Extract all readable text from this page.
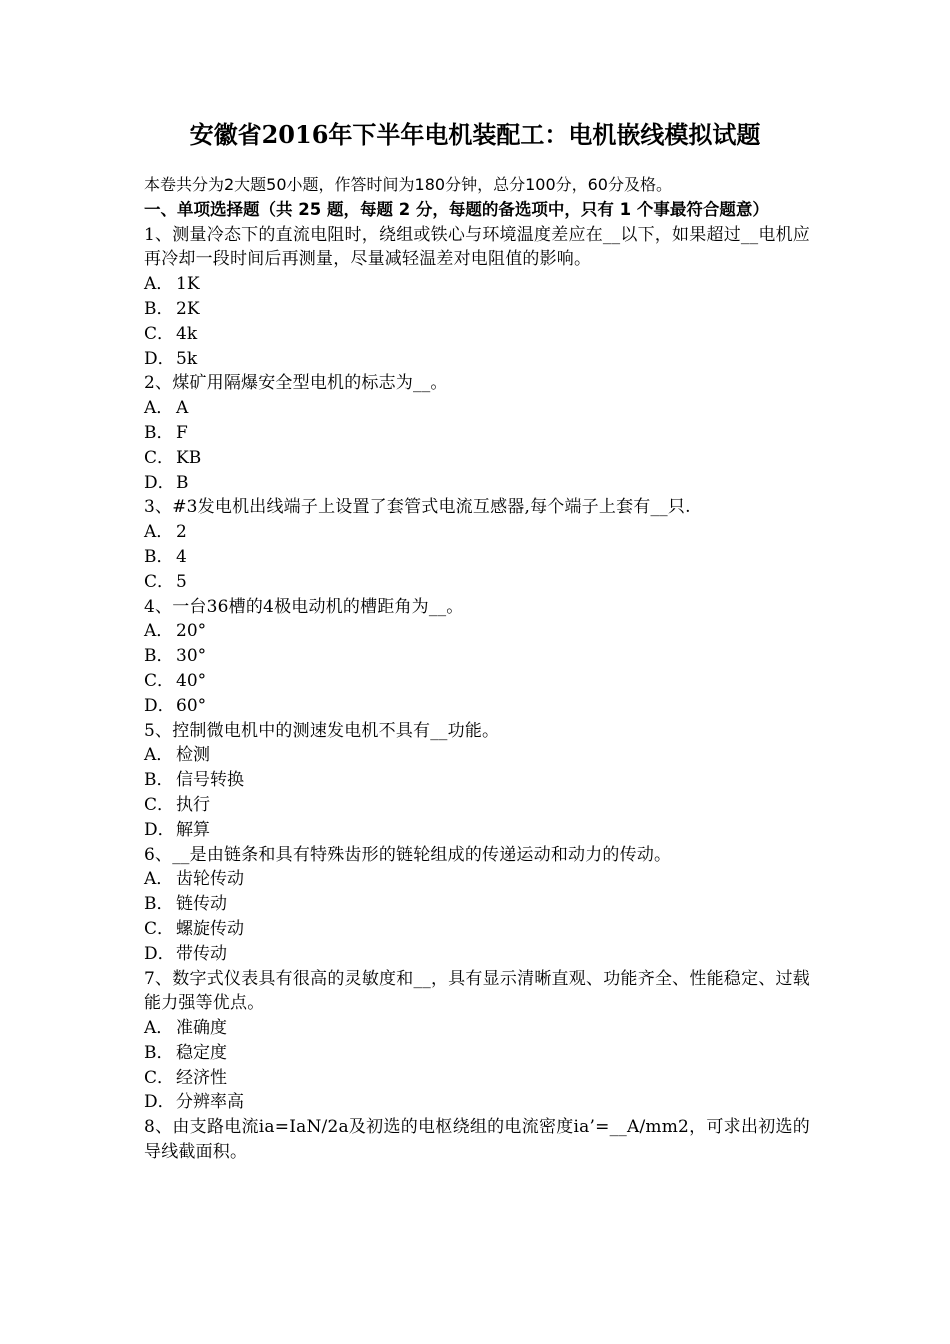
安徽省2016年下半年电机装配工：电机嵌线模拟试题
本卷共分为2大题50小题，作答时间为180分钟，总分100分，60分及格。
一、单项选择题（共 25 题，每题 2 分，每题的备选项中，只有 1 个事最符合题意）
1、测量冷态下的直流电阻时，绕组或铁心与环境温度差应在__以下，如果超过__电机应再冷却一段时间后再测量，尽量减轻温差对电阻值的影响。
A． 1K
B． 2K
C． 4k
D．5k
2、煤矿用隔爆安全型电机的标志为__。
A． A
B． F
C． KB
D．B
3、#3发电机出线端子上设置了套管式电流互感器,每个端子上套有__只.
A． 2
B． 4
C． 5
4、一台36槽的4极电动机的槽距角为__。
A． 20°
B． 30°
C． 40°
D．60°
5、控制微电机中的测速发电机不具有__功能。
A． 检测
B． 信号转换
C． 执行
D．解算
6、__是由链条和具有特殊齿形的链轮组成的传递运动和动力的传动。
A． 齿轮传动
B． 链传动
C． 螺旋传动
D．带传动
7、数字式仪表具有很高的灵敏度和__，具有显示清晰直观、功能齐全、性能稳定、过载能力强等优点。
A． 准确度
B． 稳定度
C． 经济性
D．分辨率高
8、由支路电流ia=IaN/2a及初选的电枢绕组的电流密度ia’=__A/mm2，可求出初选的导线截面积。
